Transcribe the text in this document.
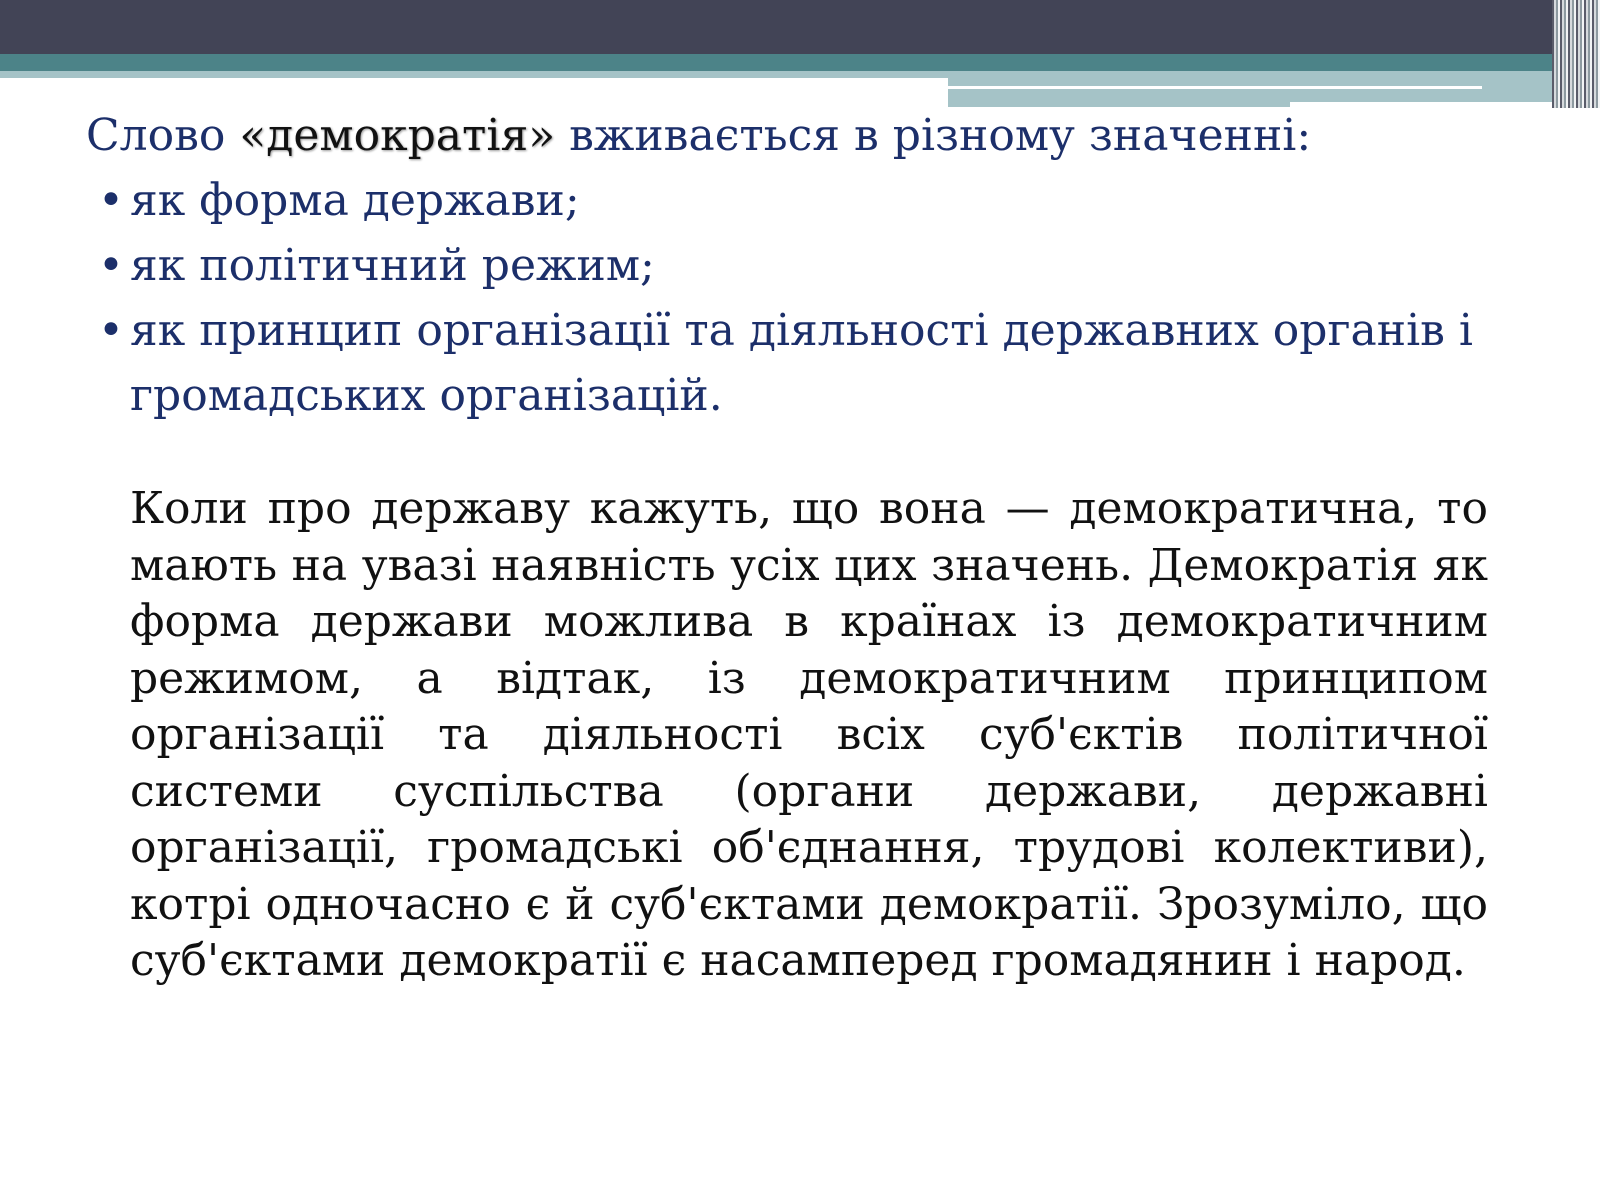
Слово «демократія» вживається в різному значенні:

• як форма держави;

• як політичний режим;

• як принцип організації та діяльності державних органів і громадських організацій.

Коли про державу кажуть, що вона — демократична, то мають на увазі наявність усіх цих значень. Демократія як форма держави можлива в країнах із демократичним режимом, а відтак, із демократичним принципом організації та діяльності всіх суб'єктів політичної системи суспільства (органи держави, державні організації, громадські об'єднання, трудові колективи), котрі одночасно є й суб'єктами демократії. Зрозуміло, що суб'єктами демократії є насамперед громадянин і народ.
